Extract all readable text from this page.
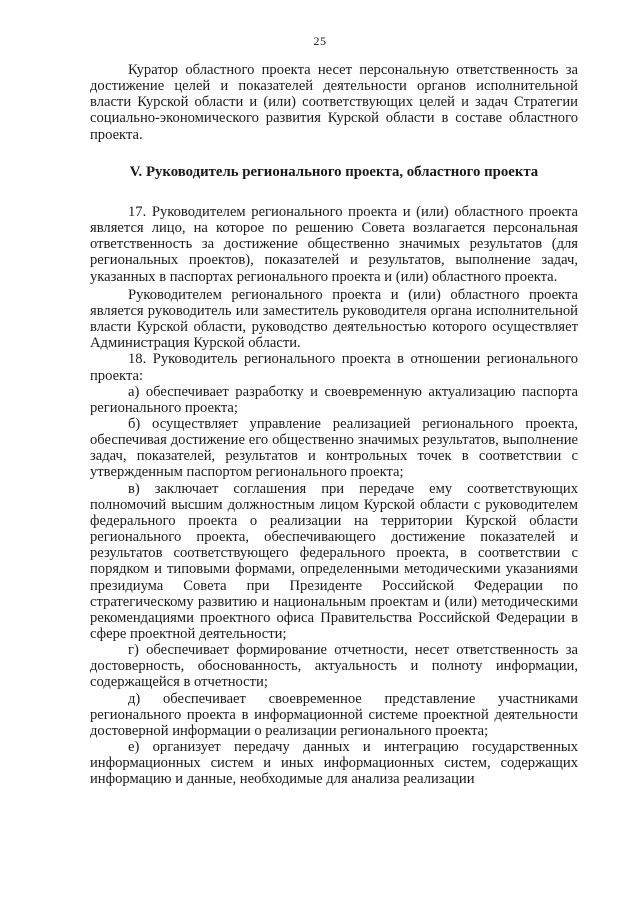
25

Куратор областного проекта несет персональную ответственность за достижение целей и показателей деятельности органов исполнительной власти Курской области и (или) соответствующих целей и задач Стратегии социально-экономического развития Курской области в составе областного проекта.

V. Руководитель регионального проекта, областного проекта

17. Руководителем регионального проекта и (или) областного проекта является лицо, на которое по решению Совета возлагается персональная ответственность за достижение общественно значимых результатов (для региональных проектов), показателей и результатов, выполнение задач, указанных в паспортах регионального проекта и (или) областного проекта.

Руководителем регионального проекта и (или) областного проекта является руководитель или заместитель руководителя органа исполнительной власти Курской области, руководство деятельностью которого осуществляет Администрация Курской области.

18. Руководитель регионального проекта в отношении регионального проекта:

а) обеспечивает разработку и своевременную актуализацию паспорта регионального проекта;

б) осуществляет управление реализацией регионального проекта, обеспечивая достижение его общественно значимых результатов, выполнение задач, показателей, результатов и контрольных точек в соответствии с утвержденным паспортом регионального проекта;

в) заключает соглашения при передаче ему соответствующих полномочий высшим должностным лицом Курской области с руководителем федерального проекта о реализации на территории Курской области регионального проекта, обеспечивающего достижение показателей и результатов соответствующего федерального проекта, в соответствии с порядком и типовыми формами, определенными методическими указаниями президиума Совета при Президенте Российской Федерации по стратегическому развитию и национальным проектам и (или) методическими рекомендациями проектного офиса Правительства Российской Федерации в сфере проектной деятельности;

г) обеспечивает формирование отчетности, несет ответственность за достоверность, обоснованность, актуальность и полноту информации, содержащейся в отчетности;

д) обеспечивает своевременное представление участниками регионального проекта в информационной системе проектной деятельности достоверной информации о реализации регионального проекта;

е) организует передачу данных и интеграцию государственных информационных систем и иных информационных систем, содержащих информацию и данные, необходимые для анализа реализации
